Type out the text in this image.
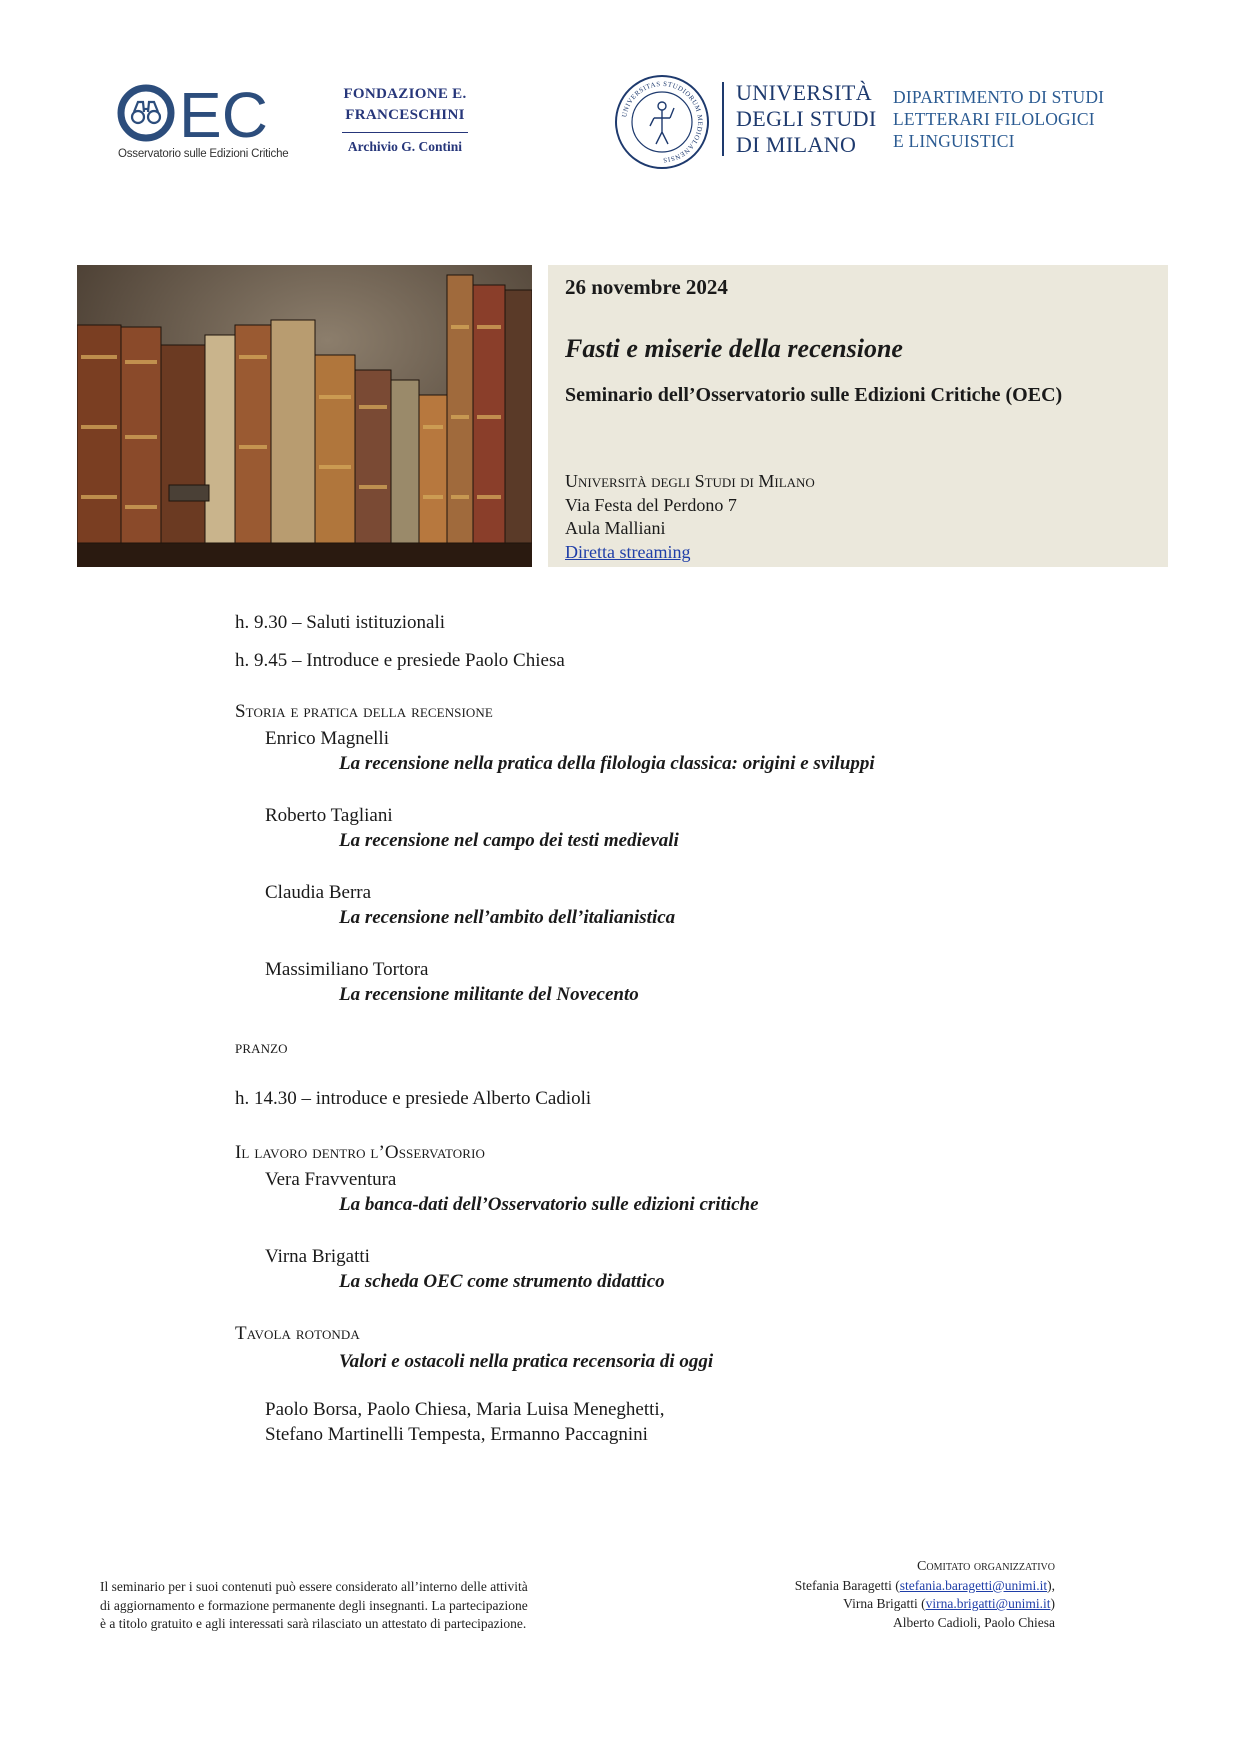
EC
Osservatorio sulle Edizioni Critiche
FONDAZIONE E.
FRANCESCHINI
Archivio G. Contini
UNIVERSITAS STUDIORUM MEDIOLANENSIS
UNIVERSITÀ
DEGLI STUDI
DI MILANO
DIPARTIMENTO DI STUDI
LETTERARI FILOLOGICI
E LINGUISTICI
26 novembre 2024
Fasti e miserie della recensione
Seminario dell’Osservatorio sulle Edizioni Critiche (OEC)
Università degli Studi di Milano
Via Festa del Perdono 7
Aula Malliani
Diretta streaming
h. 9.30 – Saluti istituzionali
h. 9.45 – Introduce e presiede Paolo Chiesa
Storia e pratica della recensione
Enrico Magnelli
La recensione nella pratica della filologia classica: origini e sviluppi
Roberto Tagliani
La recensione nel campo dei testi medievali
Claudia Berra
La recensione nell’ambito dell’italianistica
Massimiliano Tortora
La recensione militante del Novecento
pranzo
h. 14.30 – introduce e presiede Alberto Cadioli
Il lavoro dentro l’Osservatorio
Vera Fravventura
La banca-dati dell’Osservatorio sulle edizioni critiche
Virna Brigatti
La scheda OEC come strumento didattico
Tavola rotonda
Valori e ostacoli nella pratica recensoria di oggi
Paolo Borsa, Paolo Chiesa, Maria Luisa Meneghetti,
Stefano Martinelli Tempesta, Ermanno Paccagnini
Il seminario per i suoi contenuti può essere considerato all’interno delle attività
di aggiornamento e formazione permanente degli insegnanti. La partecipazione
è a titolo gratuito e agli interessati sarà rilasciato un attestato di partecipazione.
Comitato organizzativo
Stefania Baragetti (stefania.baragetti@unimi.it),
Virna Brigatti (virna.brigatti@unimi.it)
Alberto Cadioli, Paolo Chiesa
